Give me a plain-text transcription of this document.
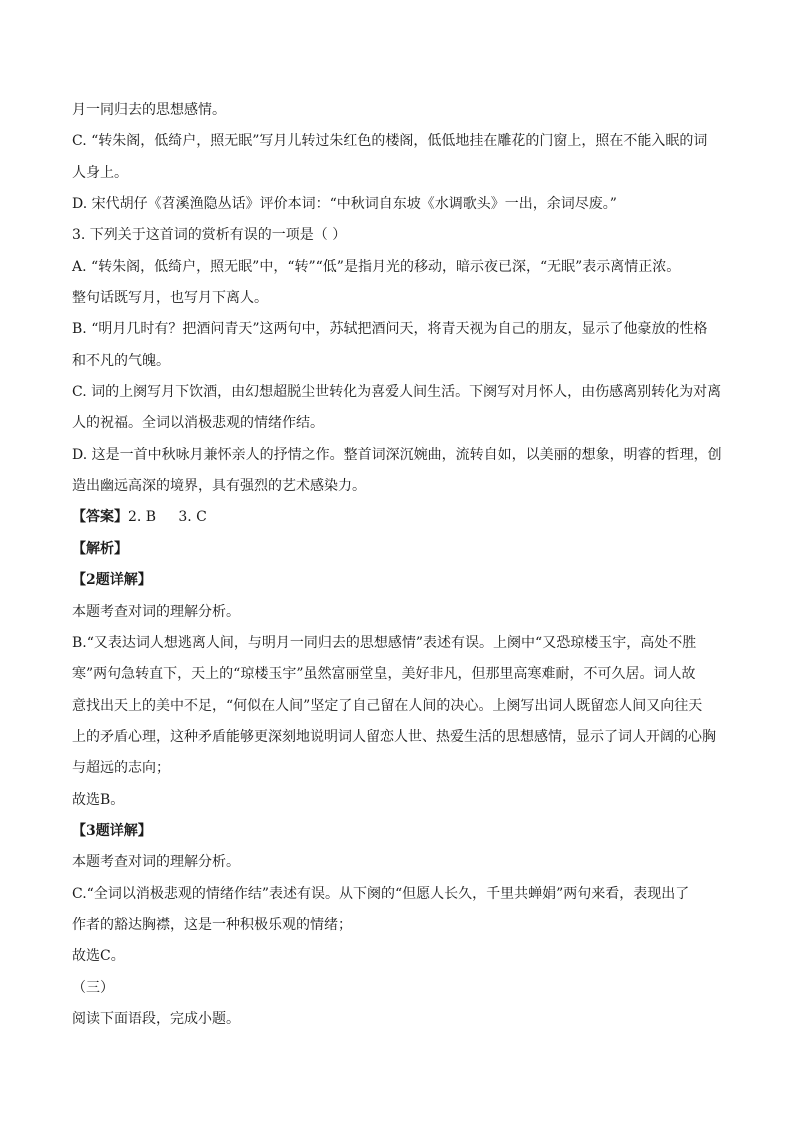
月一同归去的思想感情。
C. “转朱阁，低绮户，照无眠”写月儿转过朱红色的楼阁，低低地挂在雕花的门窗上，照在不能入眠的词
人身上。
D. 宋代胡仔《苕溪渔隐丛话》评价本词：“中秋词自东坡《水调歌头》一出，余词尽废。”
3. 下列关于这首词的赏析有误的一项是（ ）
A. “转朱阁，低绮户，照无眠”中，“转”“低”是指月光的移动，暗示夜已深，“无眠”表示离情正浓。
整句话既写月，也写月下离人。
B. “明月几时有？把酒问青天”这两句中，苏轼把酒问天，将青天视为自己的朋友，显示了他豪放的性格
和不凡的气魄。
C. 词的上阕写月下饮酒，由幻想超脱尘世转化为喜爱人间生活。下阕写对月怀人，由伤感离别转化为对离
人的祝福。全词以消极悲观的情绪作结。
D. 这是一首中秋咏月兼怀亲人的抒情之作。整首词深沉婉曲，流转自如，以美丽的想象，明睿的哲理，创
造出幽远高深的境界，具有强烈的艺术感染力。
【答案】2. B     3. C
【解析】
【2题详解】
本题考查对词的理解分析。
B.“又表达词人想逃离人间，与明月一同归去的思想感情”表述有误。上阕中“又恐琼楼玉宇，高处不胜
寒”两句急转直下，天上的“琼楼玉宇”虽然富丽堂皇，美好非凡，但那里高寒难耐，不可久居。词人故
意找出天上的美中不足，“何似在人间”坚定了自己留在人间的决心。上阕写出词人既留恋人间又向往天
上的矛盾心理，这种矛盾能够更深刻地说明词人留恋人世、热爱生活的思想感情，显示了词人开阔的心胸
与超远的志向；
故选B。
【3题详解】
本题考查对词的理解分析。
C.“全词以消极悲观的情绪作结”表述有误。从下阕的“但愿人长久，千里共蝉娟”两句来看，表现出了
作者的豁达胸襟，这是一种积极乐观的情绪；
故选C。
（三）
阅读下面语段，完成小题。
